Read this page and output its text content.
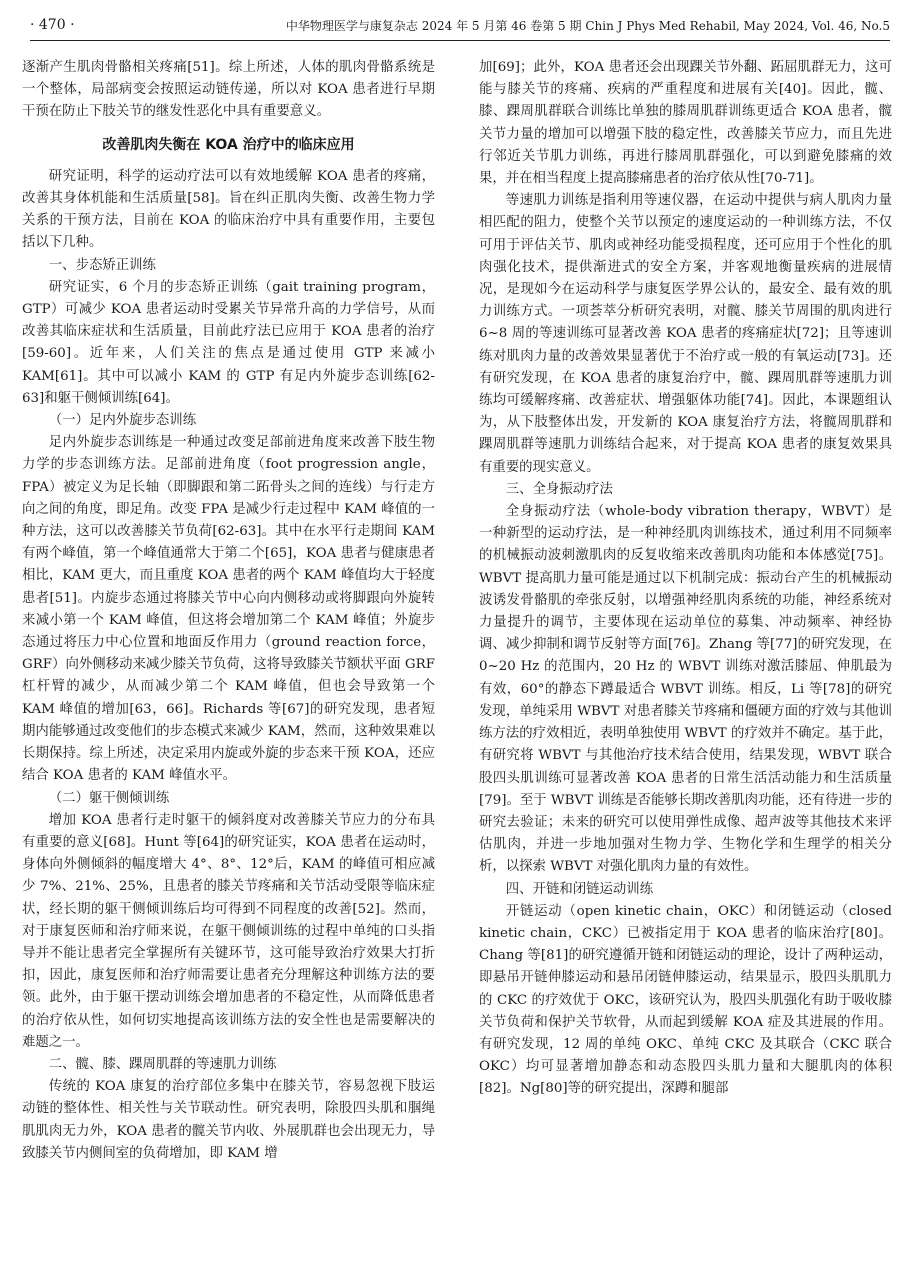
· 470 ·	中华物理医学与康复杂志 2024 年 5 月第 46 卷第 5 期 Chin J Phys Med Rehabil, May 2024, Vol. 46, No.5

逐渐产生肌肉骨骼相关疼痛[51]。综上所述，人体的肌肉骨骼系统是一个整体，局部病变会按照运动链传递，所以对 KOA 患者进行早期干预在防止下肢关节的继发性恶化中具有重要意义。

改善肌肉失衡在 KOA 治疗中的临床应用

研究证明，科学的运动疗法可以有效地缓解 KOA 患者的疼痛，改善其身体机能和生活质量[58]。旨在纠正肌肉失衡、改善生物力学关系的干预方法，目前在 KOA 的临床治疗中具有重要作用，主要包括以下几种。

一、步态矫正训练

研究证实，6 个月的步态矫正训练（gait training program，GTP）可减少 KOA 患者运动时受累关节异常升高的力学信号，从而改善其临床症状和生活质量，目前此疗法已应用于 KOA 患者的治疗[59-60]。近年来，人们关注的焦点是通过使用 GTP 来减小 KAM[61]。其中可以减小 KAM 的 GTP 有足内外旋步态训练[62-63]和躯干侧倾训练[64]。

（一）足内外旋步态训练

足内外旋步态训练是一种通过改变足部前进角度来改善下肢生物力学的步态训练方法。足部前进角度（foot progression angle，FPA）被定义为足长轴（即脚跟和第二跖骨头之间的连线）与行走方向之间的角度，即足角。改变 FPA 是减少行走过程中 KAM 峰值的一种方法，这可以改善膝关节负荷[62-63]。其中在水平行走期间 KAM 有两个峰值，第一个峰值通常大于第二个[65]，KOA 患者与健康患者相比，KAM 更大，而且重度 KOA 患者的两个 KAM 峰值均大于轻度患者[51]。内旋步态通过将膝关节中心向内侧移动或将脚跟向外旋转来减小第一个 KAM 峰值，但这将会增加第二个 KAM 峰值；外旋步态通过将压力中心位置和地面反作用力（ground reaction force，GRF）向外侧移动来减少膝关节负荷，这将导致膝关节额状平面 GRF 杠杆臂的减少，从而减少第二个 KAM 峰值，但也会导致第一个 KAM 峰值的增加[63，66]。Richards 等[67]的研究发现，患者短期内能够通过改变他们的步态模式来减少 KAM，然而，这种效果难以长期保持。综上所述，决定采用内旋或外旋的步态来干预 KOA，还应结合 KOA 患者的 KAM 峰值水平。

（二）躯干侧倾训练

增加 KOA 患者行走时躯干的倾斜度对改善膝关节应力的分布具有重要的意义[68]。Hunt 等[64]的研究证实，KOA 患者在运动时，身体向外侧倾斜的幅度增大 4°、8°、12°后，KAM 的峰值可相应减少 7%、21%、25%，且患者的膝关节疼痛和关节活动受限等临床症状，经长期的躯干侧倾训练后均可得到不同程度的改善[52]。然而，对于康复医师和治疗师来说，在躯干侧倾训练的过程中单纯的口头指导并不能让患者完全掌握所有关键环节，这可能导致治疗效果大打折扣，因此，康复医师和治疗师需要让患者充分理解这种训练方法的要领。此外，由于躯干摆动训练会增加患者的不稳定性，从而降低患者的治疗依从性，如何切实地提高该训练方法的安全性也是需要解决的难题之一。

二、髋、膝、踝周肌群的等速肌力训练

传统的 KOA 康复的治疗部位多集中在膝关节，容易忽视下肢运动链的整体性、相关性与关节联动性。研究表明，除股四头肌和腘绳肌肌肉无力外，KOA 患者的髋关节内收、外展肌群也会出现无力，导致膝关节内侧间室的负荷增加，即 KAM 增

加[69]；此外，KOA 患者还会出现踝关节外翻、跖屈肌群无力，这可能与膝关节的疼痛、疾病的严重程度和进展有关[40]。因此，髋、膝、踝周肌群联合训练比单独的膝周肌群训练更适合 KOA 患者，髋关节力量的增加可以增强下肢的稳定性，改善膝关节应力，而且先进行邻近关节肌力训练，再进行膝周肌群强化，可以到避免膝痛的效果，并在相当程度上提高膝痛患者的治疗依从性[70-71]。

等速肌力训练是指利用等速仪器，在运动中提供与病人肌肉力量相匹配的阻力，使整个关节以预定的速度运动的一种训练方法，不仅可用于评估关节、肌肉或神经功能受损程度，还可应用于个性化的肌肉强化技术，提供渐进式的安全方案，并客观地衡量疾病的进展情况，是现如今在运动科学与康复医学界公认的，最安全、最有效的肌力训练方式。一项荟萃分析研究表明，对髋、膝关节周围的肌肉进行 6~8 周的等速训练可显著改善 KOA 患者的疼痛症状[72]；且等速训练对肌肉力量的改善效果显著优于不治疗或一般的有氧运动[73]。还有研究发现，在 KOA 患者的康复治疗中，髋、踝周肌群等速肌力训练均可缓解疼痛、改善症状、增强躯体功能[74]。因此，本课题组认为，从下肢整体出发，开发新的 KOA 康复治疗方法，将髋周肌群和踝周肌群等速肌力训练结合起来，对于提高 KOA 患者的康复效果具有重要的现实意义。

三、全身振动疗法

全身振动疗法（whole-body vibration therapy，WBVT）是一种新型的运动疗法，是一种神经肌肉训练技术，通过利用不同频率的机械振动波刺激肌肉的反复收缩来改善肌肉功能和本体感觉[75]。WBVT 提高肌力量可能是通过以下机制完成：振动台产生的机械振动波诱发骨骼肌的牵张反射，以增强神经肌肉系统的功能，神经系统对力量提升的调节，主要体现在运动单位的募集、冲动频率、神经协调、减少抑制和调节反射等方面[76]。Zhang 等[77]的研究发现，在 0~20 Hz 的范围内，20 Hz 的 WBVT 训练对激活膝屈、伸肌最为有效，60°的静态下蹲最适合 WBVT 训练。相反，Li 等[78]的研究发现，单纯采用 WBVT 对患者膝关节疼痛和僵硬方面的疗效与其他训练方法的疗效相近，表明单独使用 WBVT 的疗效并不确定。基于此，有研究将 WBVT 与其他治疗技术结合使用，结果发现，WBVT 联合股四头肌训练可显著改善 KOA 患者的日常生活活动能力和生活质量[79]。至于 WBVT 训练是否能够长期改善肌肉功能，还有待进一步的研究去验证；未来的研究可以使用弹性成像、超声波等其他技术来评估肌肉，并进一步地加强对生物力学、生物化学和生理学的相关分析，以探索 WBVT 对强化肌肉力量的有效性。

四、开链和闭链运动训练

开链运动（open kinetic chain，OKC）和闭链运动（closed kinetic chain，CKC）已被指定用于 KOA 患者的临床治疗[80]。Chang 等[81]的研究遵循开链和闭链运动的理论，设计了两种运动，即悬吊开链伸膝运动和悬吊闭链伸膝运动，结果显示，股四头肌肌力的 CKC 的疗效优于 OKC，该研究认为，股四头肌强化有助于吸收膝关节负荷和保护关节软骨，从而起到缓解 KOA 症及其进展的作用。有研究发现，12 周的单纯 OKC、单纯 CKC 及其联合（CKC 联合 OKC）均可显著增加静态和动态股四头肌力量和大腿肌肉的体积[82]。Ng[80]等的研究提出，深蹲和腿部
